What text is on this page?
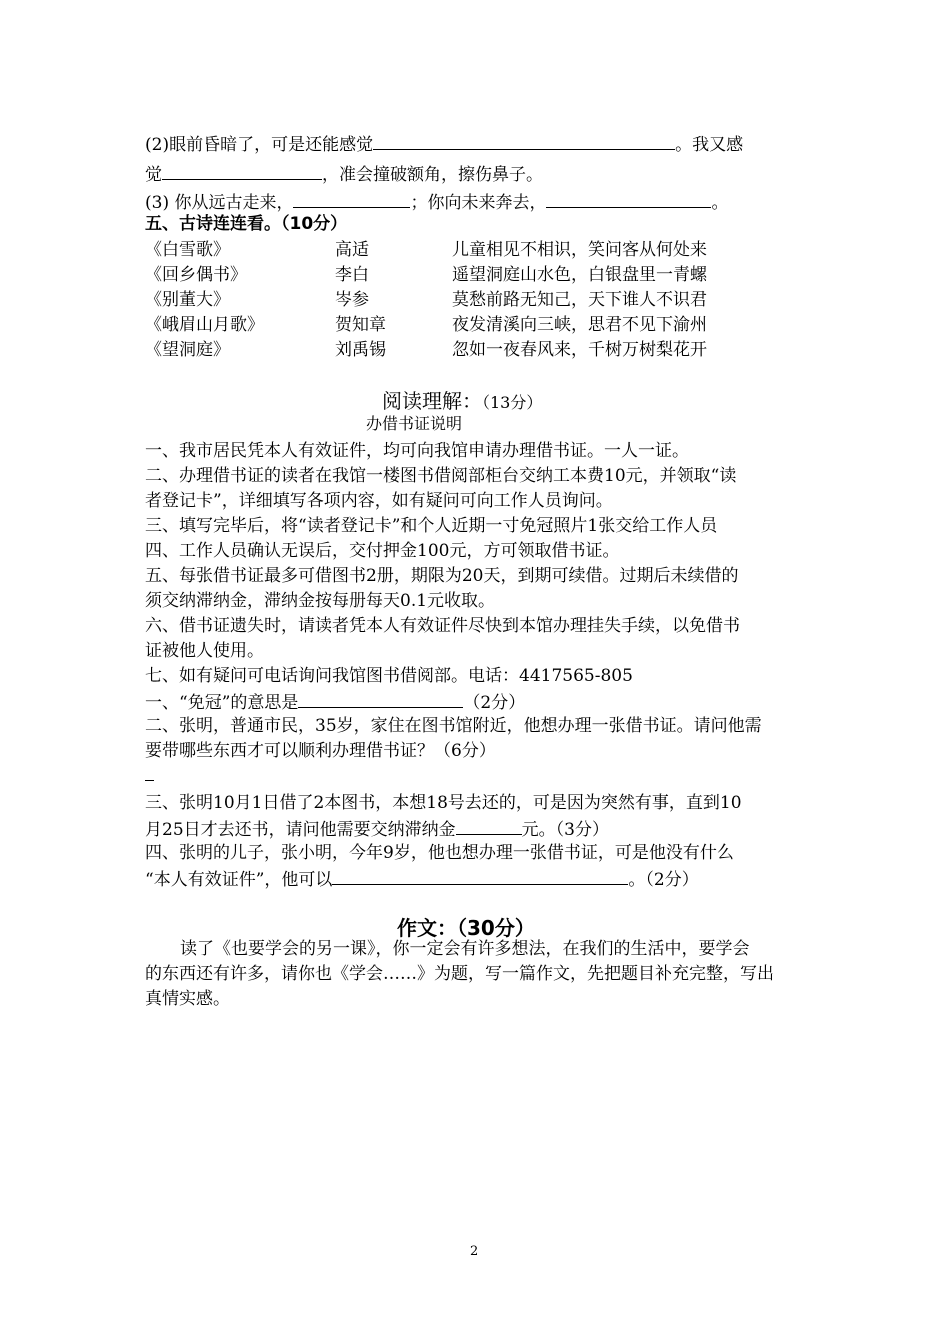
(2)眼前昏暗了，可是还能感觉	。我又感
觉	，准会撞破额角，擦伤鼻子。
(3) 你从远古走来，	；你向未来奔去，	。
五、古诗连连看。（10分）
《白雪歌》	高适	儿童相见不相识，笑问客从何处来
《回乡偶书》	李白	遥望洞庭山水色，白银盘里一青螺
《别董大》	岑参	莫愁前路无知己，天下谁人不识君
《峨眉山月歌》	贺知章	夜发清溪向三峡，思君不见下渝州
《望洞庭》	刘禹锡	忽如一夜春风来，千树万树梨花开
阅读理解：（13分）
办借书证说明
一、我市居民凭本人有效证件，均可向我馆申请办理借书证。一人一证。
二、办理借书证的读者在我馆一楼图书借阅部柜台交纳工本费10元，并领取“读
者登记卡”，详细填写各项内容，如有疑问可向工作人员询问。
三、填写完毕后，将“读者登记卡”和个人近期一寸免冠照片1张交给工作人员
四、工作人员确认无误后，交付押金100元，方可领取借书证。
五、每张借书证最多可借图书2册，期限为20天，到期可续借。过期后未续借的
须交纳滞纳金，滞纳金按每册每天0.1元收取。
六、借书证遗失时，请读者凭本人有效证件尽快到本馆办理挂失手续，以免借书
证被他人使用。
七、如有疑问可电话询问我馆图书借阅部。电话：4417565-805
一、“免冠”的意思是	（2分）
二、张明，普通市民，35岁，家住在图书馆附近，他想办理一张借书证。请问他需
要带哪些东西才可以顺利办理借书证？（6分）
三、张明10月1日借了2本图书，本想18号去还的，可是因为突然有事，直到10
月25日才去还书，请问他需要交纳滞纳金	元。（3分）
四、张明的儿子，张小明，今年9岁，他也想办理一张借书证，可是他没有什么
“本人有效证件”，他可以	。（2分）
作文：（30分）
读了《也要学会的另一课》，你一定会有许多想法，在我们的生活中，要学会
的东西还有许多，请你也《学会……》为题，写一篇作文，先把题目补充完整，写出
真情实感。
2
